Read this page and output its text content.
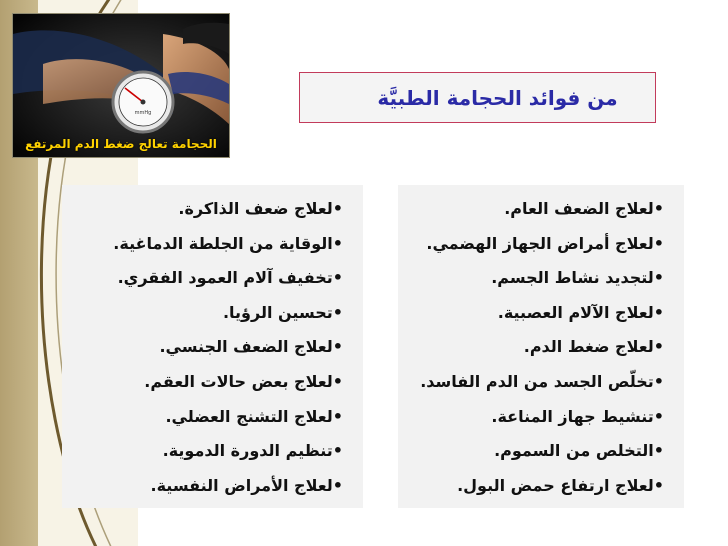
mmHg
الحجامة تعالج ضغط الدم المرتفع
من فوائد الحجامة الطبيَّة
•لعلاج الضعف العام.
•لعلاج أمراض الجهاز الهضمي.
•لتجديد نشاط الجسم.
•لعلاج الآلام العصبية.
•لعلاج ضغط الدم.
•تخلّص الجسد من الدم الفاسد.
•تنشيط جهاز المناعة.
•التخلص من السموم.
•لعلاج ارتفاع حمض البول.
•لعلاج ضعف الذاكرة.
•الوقاية من الجلطة الدماغية.
•تخفيف آلام العمود الفقري.
•تحسين الرؤيا.
•لعلاج الضعف الجنسي.
•لعلاج بعض حالات العقم.
•لعلاج التشنج العضلي.
•تنظيم الدورة الدموية.
•لعلاج الأمراض النفسية.
